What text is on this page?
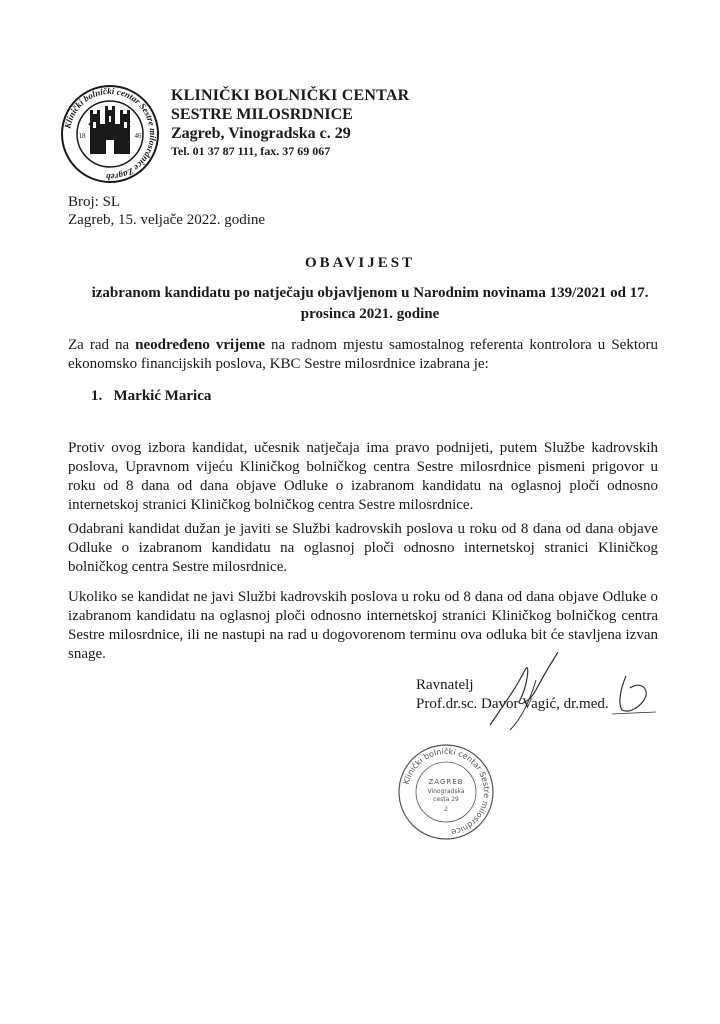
Klinički bolnički centar Sestre milosrdnice Zagreb
18	46
✦	☾
KLINIČKI BOLNIČKI CENTAR
SESTRE MILOSRDNICE
Zagreb, Vinogradska c. 29
Tel. 01 37 87 111, fax. 37 69 067
Broj: SL
Zagreb, 15. veljače 2022. godine
OBAVIJEST
izabranom kandidatu po natječaju objavljenom u Narodnim novinama 139/2021 od 17. prosinca 2021. godine
Za rad na neodređeno vrijeme na radnom mjestu samostalnog referenta kontrolora u Sektoru ekonomsko financijskih poslova, KBC Sestre milosrdnice izabrana je:
1.   Markić Marica
Protiv ovog izbora kandidat, učesnik natječaja ima pravo podnijeti, putem Službe kadrovskih poslova, Upravnom vijeću Kliničkog bolničkog centra Sestre milosrdnice pismeni prigovor u roku od 8 dana od dana objave Odluke o izabranom kandidatu na oglasnoj ploči odnosno internetskoj stranici Kliničkog bolničkog centra Sestre milosrdnice.
Odabrani kandidat dužan je javiti se Službi kadrovskih poslova u roku od 8 dana od dana objave Odluke o izabranom kandidatu na oglasnoj ploči odnosno internetskoj stranici Kliničkog bolničkog centra Sestre milosrdnice.
Ukoliko se kandidat ne javi Službi kadrovskih poslova u roku od 8 dana od dana objave Odluke o izabranom kandidatu na oglasnoj ploči odnosno internetskoj stranici Kliničkog bolničkog centra Sestre milosrdnice, ili ne nastupi na rad u dogovorenom terminu ova odluka bit će stavljena izvan snage.
Ravnatelj
Prof.dr.sc. Davor Vagić, dr.med.
Klinički bolnički centar Sestre milosrdnice
ZAGREB
Vinogradska
cesta 29
2
